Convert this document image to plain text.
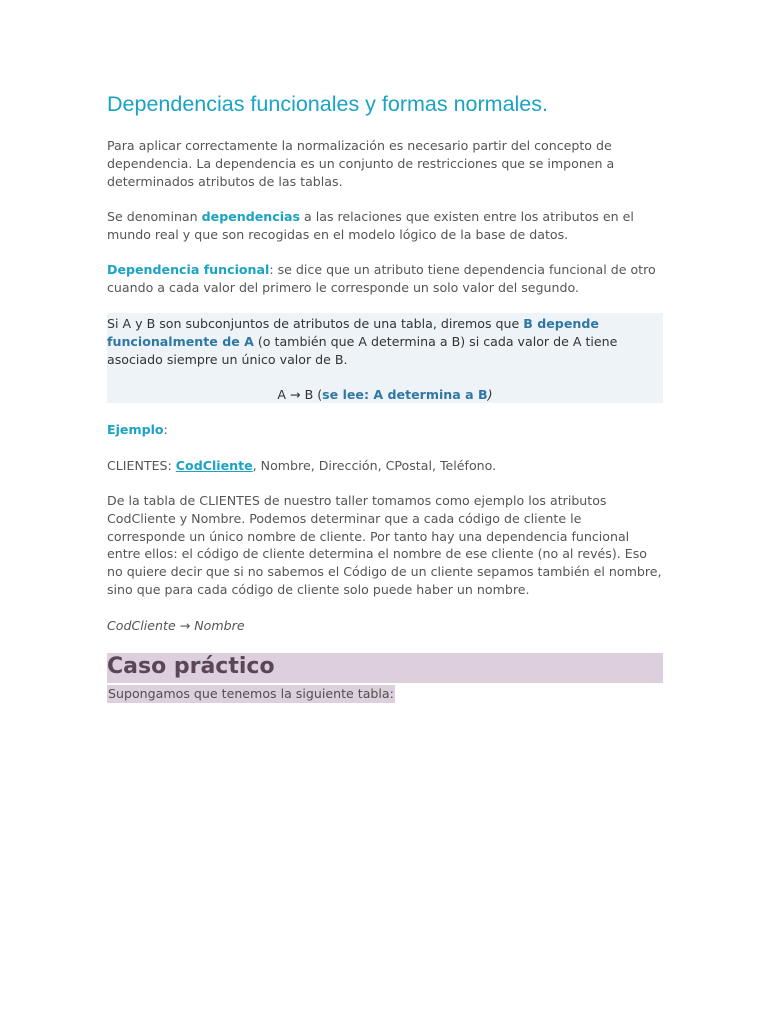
Dependencias funcionales y formas normales.

Para aplicar correctamente la normalización es necesario partir del concepto de dependencia. La dependencia es un conjunto de restricciones que se imponen a determinados atributos de las tablas.

Se denominan dependencias a las relaciones que existen entre los atributos en el mundo real y que son recogidas en el modelo lógico de la base de datos.

Dependencia funcional: se dice que un atributo tiene dependencia funcional de otro cuando a cada valor del primero le corresponde un solo valor del segundo.

Si A y B son subconjuntos de atributos de una tabla, diremos que B depende funcionalmente de A (o también que A determina a B) si cada valor de A tiene asociado siempre un único valor de B.

A → B (se lee: A determina a B)

Ejemplo:

CLIENTES: CodCliente, Nombre, Dirección, CPostal, Teléfono.

De la tabla de CLIENTES de nuestro taller tomamos como ejemplo los atributos CodCliente y Nombre. Podemos determinar que a cada código de cliente le corresponde un único nombre de cliente. Por tanto hay una dependencia funcional entre ellos: el código de cliente determina el nombre de ese cliente (no al revés). Eso no quiere decir que si no sabemos el Código de un cliente sepamos también el nombre, sino que para cada código de cliente solo puede haber un nombre.

CodCliente → Nombre

Caso práctico
Supongamos que tenemos la siguiente tabla:
